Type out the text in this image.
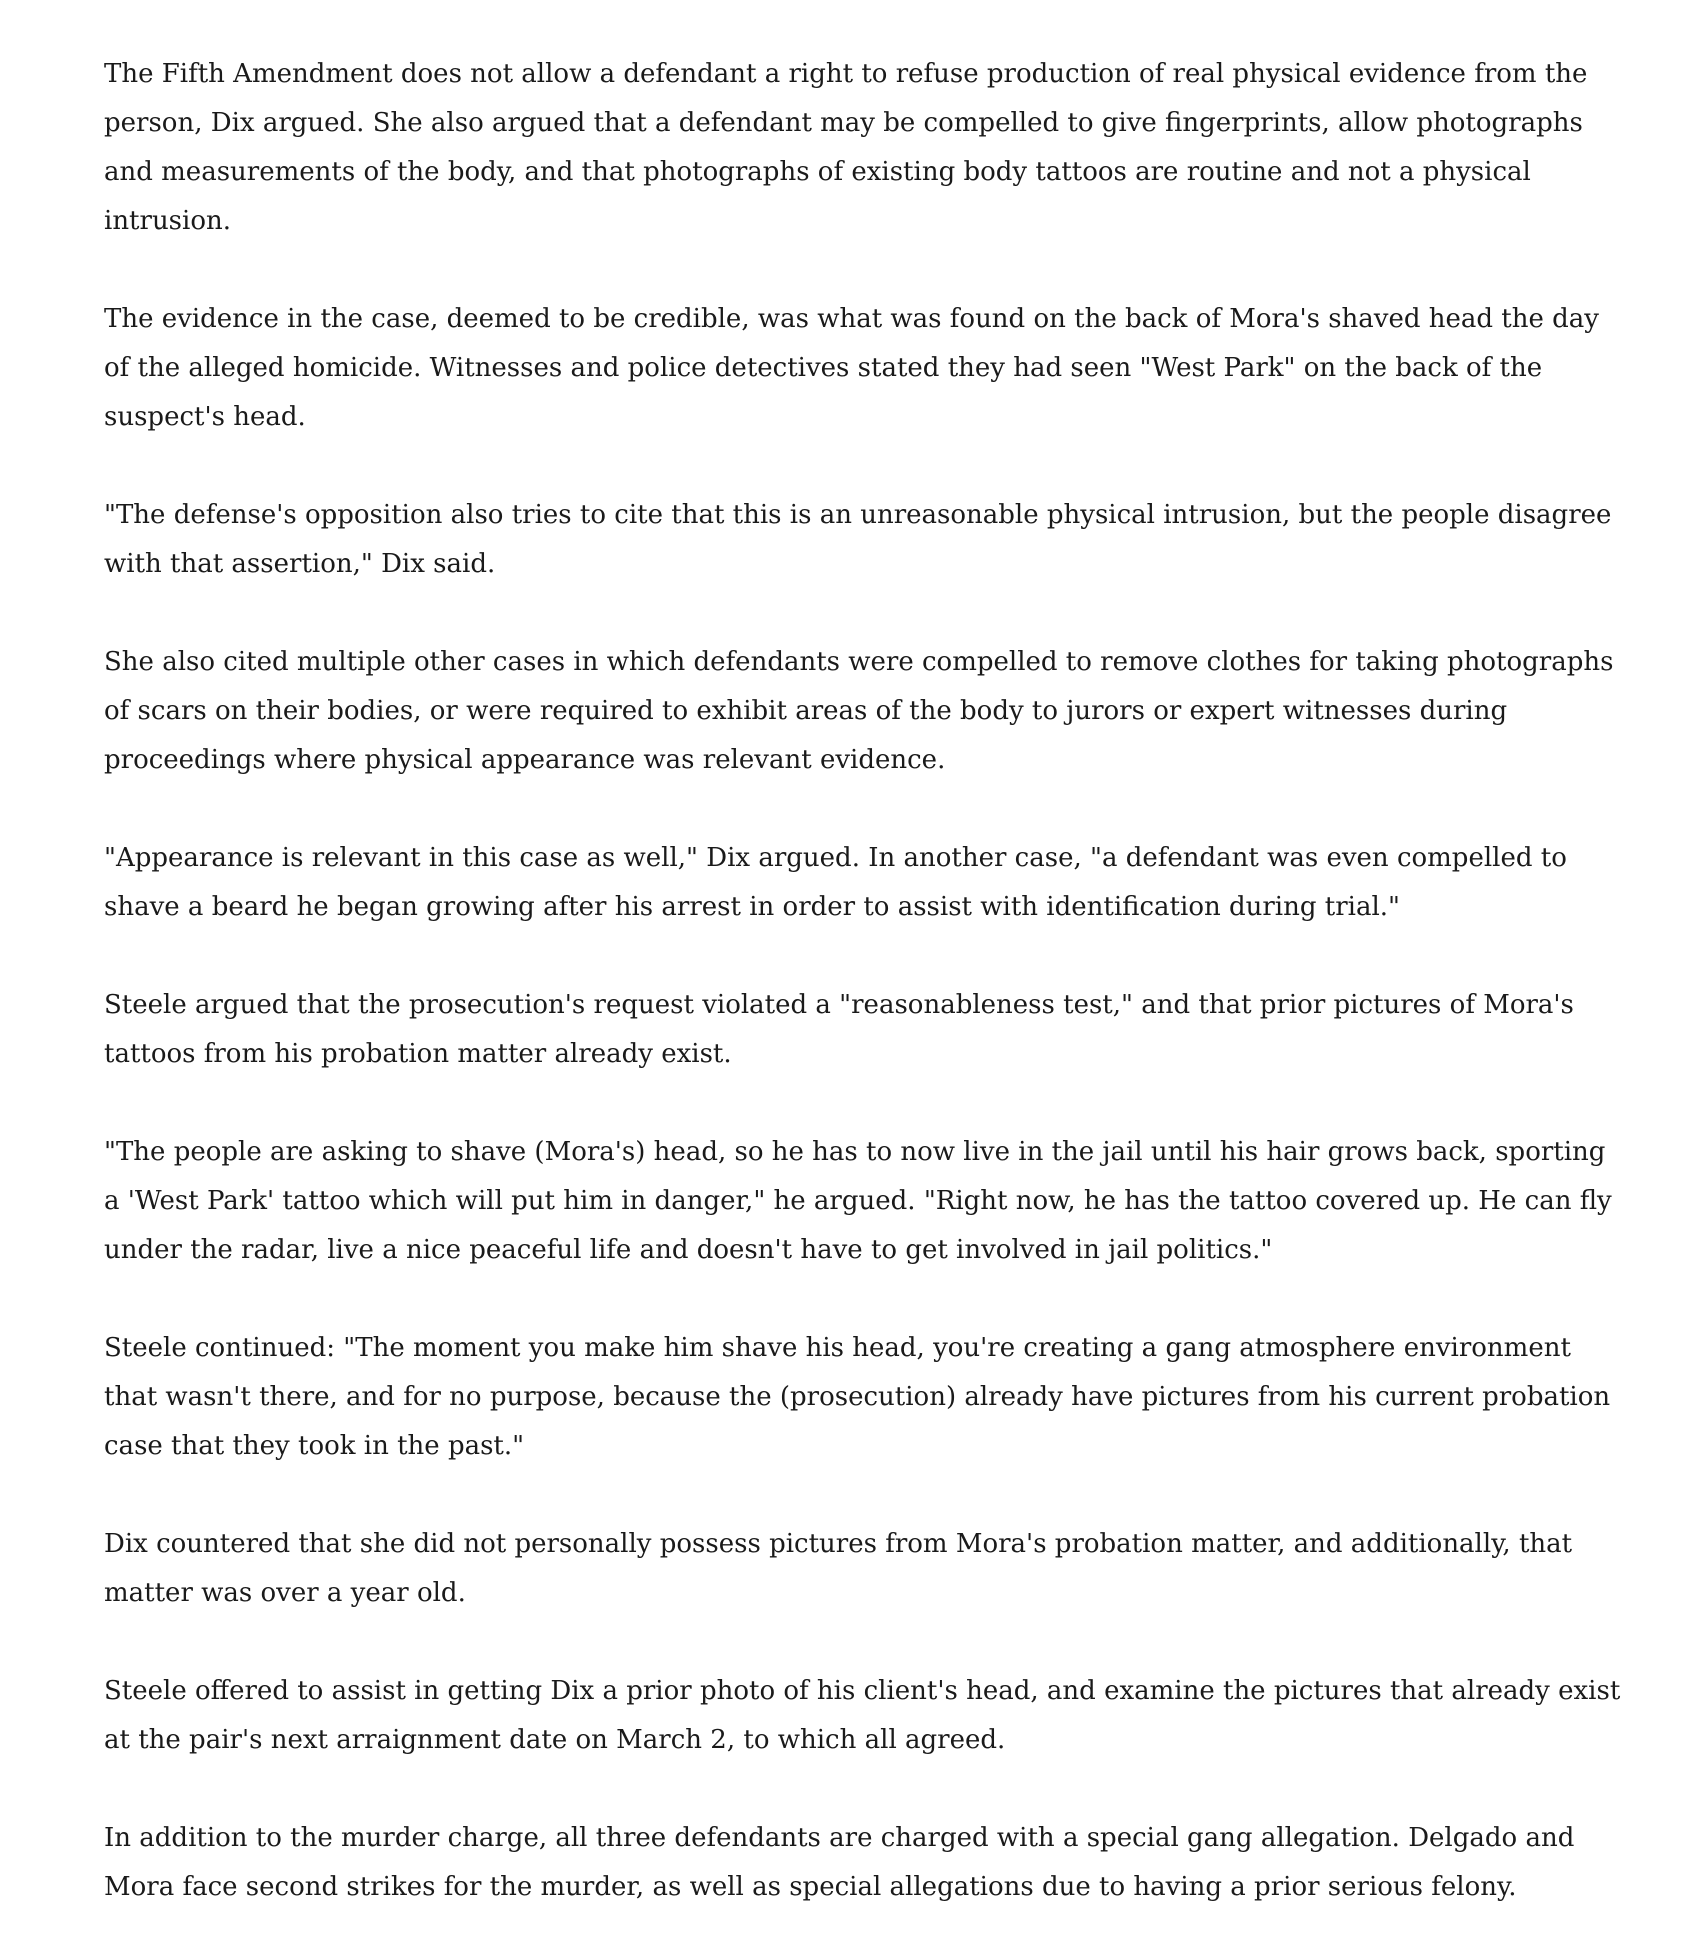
The Fifth Amendment does not allow a defendant a right to refuse production of real physical evidence from the person, Dix argued. She also argued that a defendant may be compelled to give fingerprints, allow photographs and measurements of the body, and that photographs of existing body tattoos are routine and not a physical intrusion.

The evidence in the case, deemed to be credible, was what was found on the back of Mora's shaved head the day of the alleged homicide. Witnesses and police detectives stated they had seen "West Park" on the back of the suspect's head.

"The defense's opposition also tries to cite that this is an unreasonable physical intrusion, but the people disagree with that assertion," Dix said.

She also cited multiple other cases in which defendants were compelled to remove clothes for taking photographs of scars on their bodies, or were required to exhibit areas of the body to jurors or expert witnesses during proceedings where physical appearance was relevant evidence.

"Appearance is relevant in this case as well," Dix argued. In another case, "a defendant was even compelled to shave a beard he began growing after his arrest in order to assist with identification during trial."

Steele argued that the prosecution's request violated a "reasonableness test," and that prior pictures of Mora's tattoos from his probation matter already exist.

"The people are asking to shave (Mora's) head, so he has to now live in the jail until his hair grows back, sporting a 'West Park' tattoo which will put him in danger," he argued. "Right now, he has the tattoo covered up. He can fly under the radar, live a nice peaceful life and doesn't have to get involved in jail politics."

Steele continued: "The moment you make him shave his head, you're creating a gang atmosphere environment that wasn't there, and for no purpose, because the (prosecution) already have pictures from his current probation case that they took in the past."

Dix countered that she did not personally possess pictures from Mora's probation matter, and additionally, that matter was over a year old.

Steele offered to assist in getting Dix a prior photo of his client's head, and examine the pictures that already exist at the pair's next arraignment date on March 2, to which all agreed.

In addition to the murder charge, all three defendants are charged with a special gang allegation. Delgado and Mora face second strikes for the murder, as well as special allegations due to having a prior serious felony.
